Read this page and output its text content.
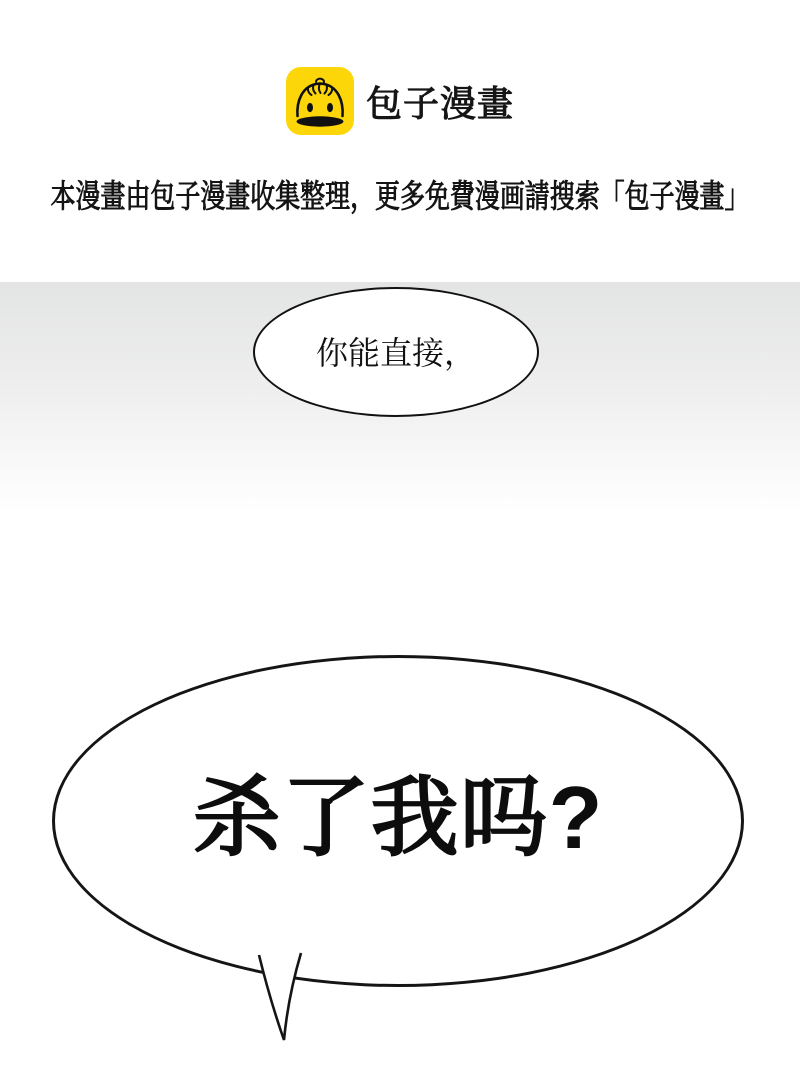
包子漫畫
本漫畫由包子漫畫收集整理，更多免費漫画請搜索「包子漫畫」
你能直接，
杀了我吗?
